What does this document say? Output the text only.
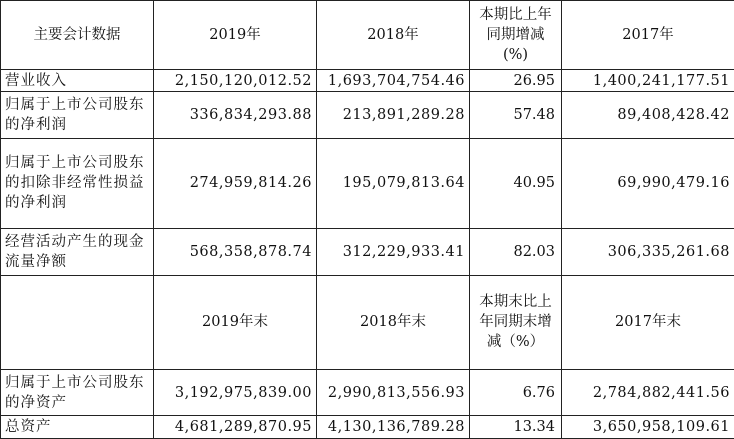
主要会计数据	2019年	2018年	本期比上年同期增减(%)	2017年
营业收入	2,150,120,012.52	1,693,704,754.46	26.95	1,400,241,177.51
归属于上市公司股东的净利润	336,834,293.88	213,891,289.28	57.48	89,408,428.42
归属于上市公司股东的扣除非经常性损益的净利润	274,959,814.26	195,079,813.64	40.95	69,990,479.16
经营活动产生的现金流量净额	568,358,878.74	312,229,933.41	82.03	306,335,261.68
	2019年末	2018年末	本期末比上年同期末增减（%）	2017年末
归属于上市公司股东的净资产	3,192,975,839.00	2,990,813,556.93	6.76	2,784,882,441.56
总资产	4,681,289,870.95	4,130,136,789.28	13.34	3,650,958,109.61
